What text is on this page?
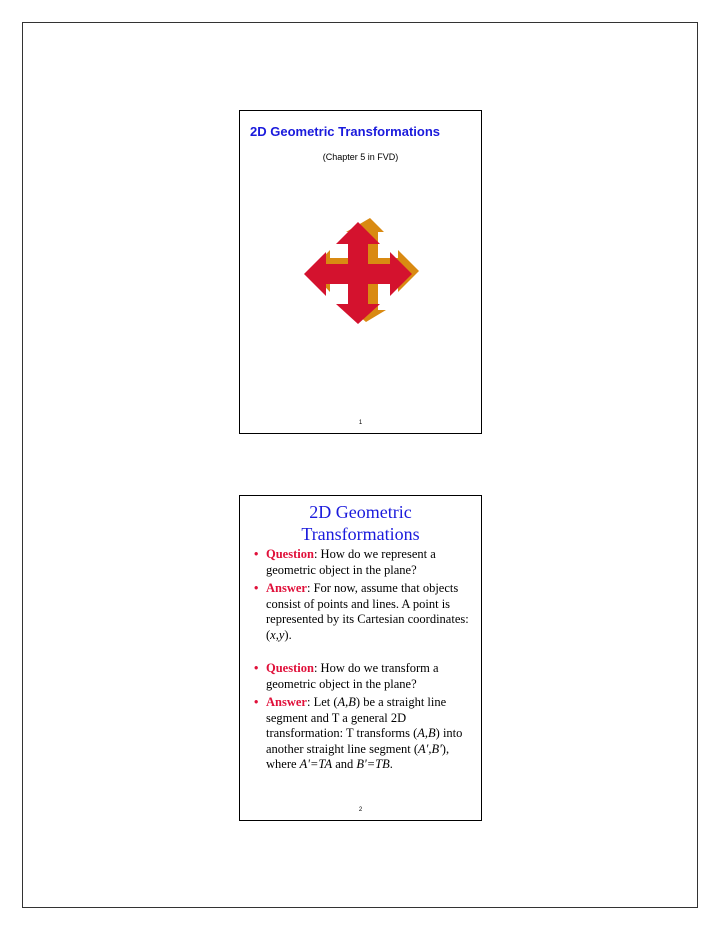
2D Geometric Transformations
(Chapter 5 in FVD)
1
2D Geometric
Transformations
• Question: How do we represent a geometric object in the plane?
• Answer: For now, assume that objects consist of points and lines. A point is represented by its Cartesian coordinates: (x,y).
• Question: How do we transform a geometric object in the plane?
• Answer: Let (A,B) be a straight line segment and T a general 2D transformation: T transforms (A,B) into another straight line segment (A',B'), where A'=TA and B'=TB.
2
